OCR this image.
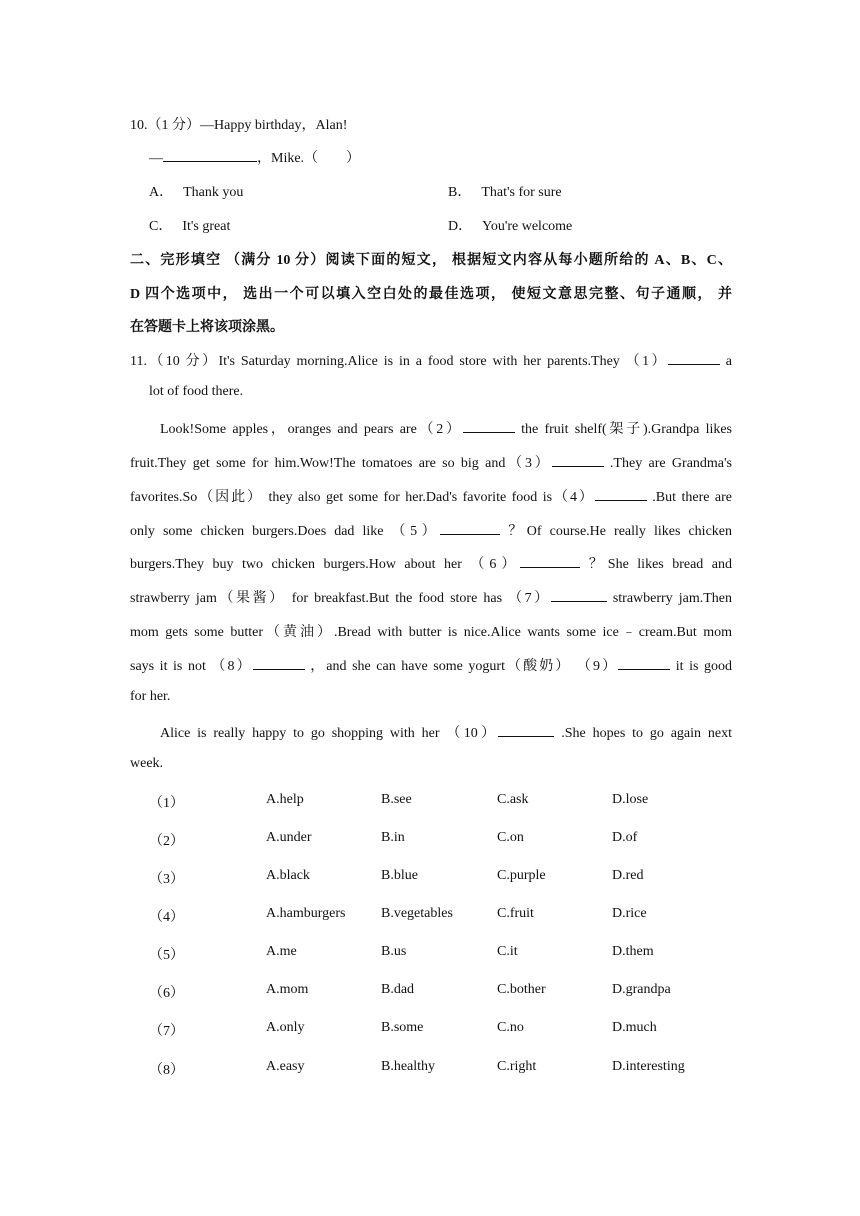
10.（1 分）—Happy birthday，Alan!
—	，Mike.（　　）
A． Thank you	B． That's for sure
C． It's great	D． You're welcome
二、完形填空 （满分 10 分）阅读下面的短文， 根据短文内容从每小题所给的 A、B、C、
D 四个选项中， 选出一个可以填入空白处的最佳选项， 使短文意思完整、句子通顺， 并
在答题卡上将该项涂黑。
11.（10 分）It's Saturday morning.Alice is in a food store with her parents.They （1）	a
lot of food there.
Look!Some apples，oranges and pears are（2）	the fruit shelf(架子).Grandpa likes
fruit.They get some for him.Wow!The tomatoes are so big and（3）	.They are Grandma's
favorites.So（因此） they also get some for her.Dad's favorite food is（4）	.But there are
only some chicken burgers.Does dad like （5）	？Of course.He really likes chicken
burgers.They buy two chicken burgers.How about her （6）	？She likes bread and
strawberry jam（果酱） for breakfast.But the food store has （7）	strawberry jam.Then
mom gets some butter（黄油）.Bread with butter is nice.Alice wants some ice﹣cream.But mom
says it is not （8）	，and she can have some yogurt（酸奶） （9）	it is good
for her.
Alice is really happy to go shopping with her （10）	.She hopes to go again next
week.
（1）	A.help	B.see	C.ask	D.lose
（2）	A.under	B.in	C.on	D.of
（3）	A.black	B.blue	C.purple	D.red
（4）	A.hamburgers	B.vegetables	C.fruit	D.rice
（5）	A.me	B.us	C.it	D.them
（6）	A.mom	B.dad	C.bother	D.grandpa
（7）	A.only	B.some	C.no	D.much
（8）	A.easy	B.healthy	C.right	D.interesting
